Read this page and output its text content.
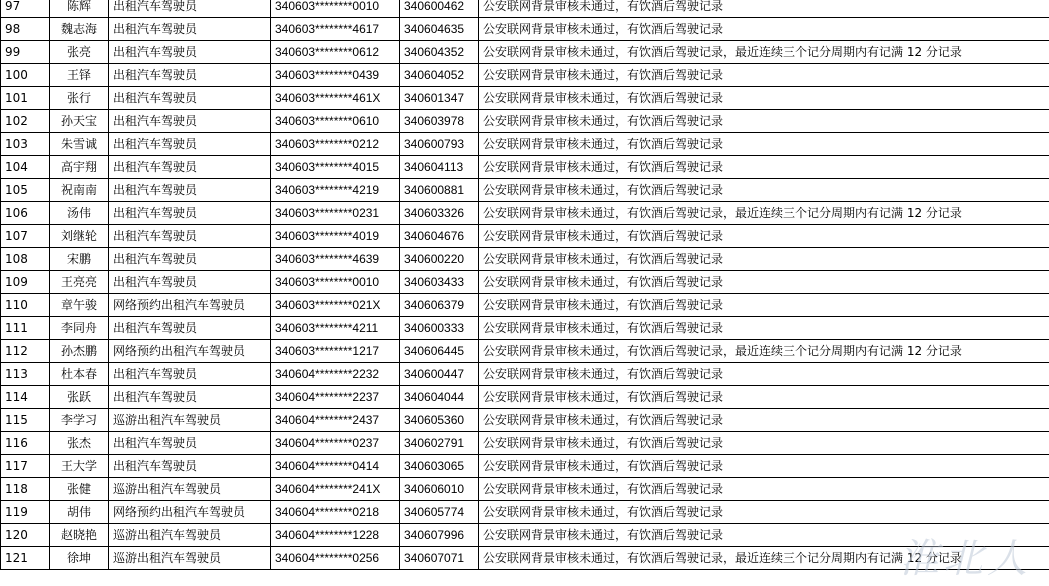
97	陈辉	出租汽车驾驶员	340603********0010	340600462	公安联网背景审核未通过，有饮酒后驾驶记录
98	魏志海	出租汽车驾驶员	340603********4617	340604635	公安联网背景审核未通过，有饮酒后驾驶记录
99	张亮	出租汽车驾驶员	340603********0612	340604352	公安联网背景审核未通过，有饮酒后驾驶记录，最近连续三个记分周期内有记满 12 分记录
100	王铎	出租汽车驾驶员	340603********0439	340604052	公安联网背景审核未通过，有饮酒后驾驶记录
101	张行	出租汽车驾驶员	340603********461X	340601347	公安联网背景审核未通过，有饮酒后驾驶记录
102	孙天宝	出租汽车驾驶员	340603********0610	340603978	公安联网背景审核未通过，有饮酒后驾驶记录
103	朱雪诚	出租汽车驾驶员	340603********0212	340600793	公安联网背景审核未通过，有饮酒后驾驶记录
104	高宇翔	出租汽车驾驶员	340603********4015	340604113	公安联网背景审核未通过，有饮酒后驾驶记录
105	祝南南	出租汽车驾驶员	340603********4219	340600881	公安联网背景审核未通过，有饮酒后驾驶记录
106	汤伟	出租汽车驾驶员	340603********0231	340603326	公安联网背景审核未通过，有饮酒后驾驶记录，最近连续三个记分周期内有记满 12 分记录
107	刘继轮	出租汽车驾驶员	340603********4019	340604676	公安联网背景审核未通过，有饮酒后驾驶记录
108	宋鹏	出租汽车驾驶员	340603********4639	340600220	公安联网背景审核未通过，有饮酒后驾驶记录
109	王亮亮	出租汽车驾驶员	340603********0010	340603433	公安联网背景审核未通过，有饮酒后驾驶记录
110	章午骏	网络预约出租汽车驾驶员	340603********021X	340606379	公安联网背景审核未通过，有饮酒后驾驶记录
111	李同舟	出租汽车驾驶员	340603********4211	340600333	公安联网背景审核未通过，有饮酒后驾驶记录
112	孙杰鹏	网络预约出租汽车驾驶员	340603********1217	340606445	公安联网背景审核未通过，有饮酒后驾驶记录，最近连续三个记分周期内有记满 12 分记录
113	杜本春	出租汽车驾驶员	340604********2232	340600447	公安联网背景审核未通过，有饮酒后驾驶记录
114	张跃	出租汽车驾驶员	340604********2237	340604044	公安联网背景审核未通过，有饮酒后驾驶记录
115	李学习	巡游出租汽车驾驶员	340604********2437	340605360	公安联网背景审核未通过，有饮酒后驾驶记录
116	张杰	出租汽车驾驶员	340604********0237	340602791	公安联网背景审核未通过，有饮酒后驾驶记录
117	王大学	出租汽车驾驶员	340604********0414	340603065	公安联网背景审核未通过，有饮酒后驾驶记录
118	张健	巡游出租汽车驾驶员	340604********241X	340606010	公安联网背景审核未通过，有饮酒后驾驶记录
119	胡伟	网络预约出租汽车驾驶员	340604********0218	340605774	公安联网背景审核未通过，有饮酒后驾驶记录
120	赵晓艳	巡游出租汽车驾驶员	340604********1228	340607996	公安联网背景审核未通过，有饮酒后驾驶记录
121	徐坤	巡游出租汽车驾驶员	340604********0256	340607071	公安联网背景审核未通过，有饮酒后驾驶记录，最近连续三个记分周期内有记满 12 分记录
淮北人
